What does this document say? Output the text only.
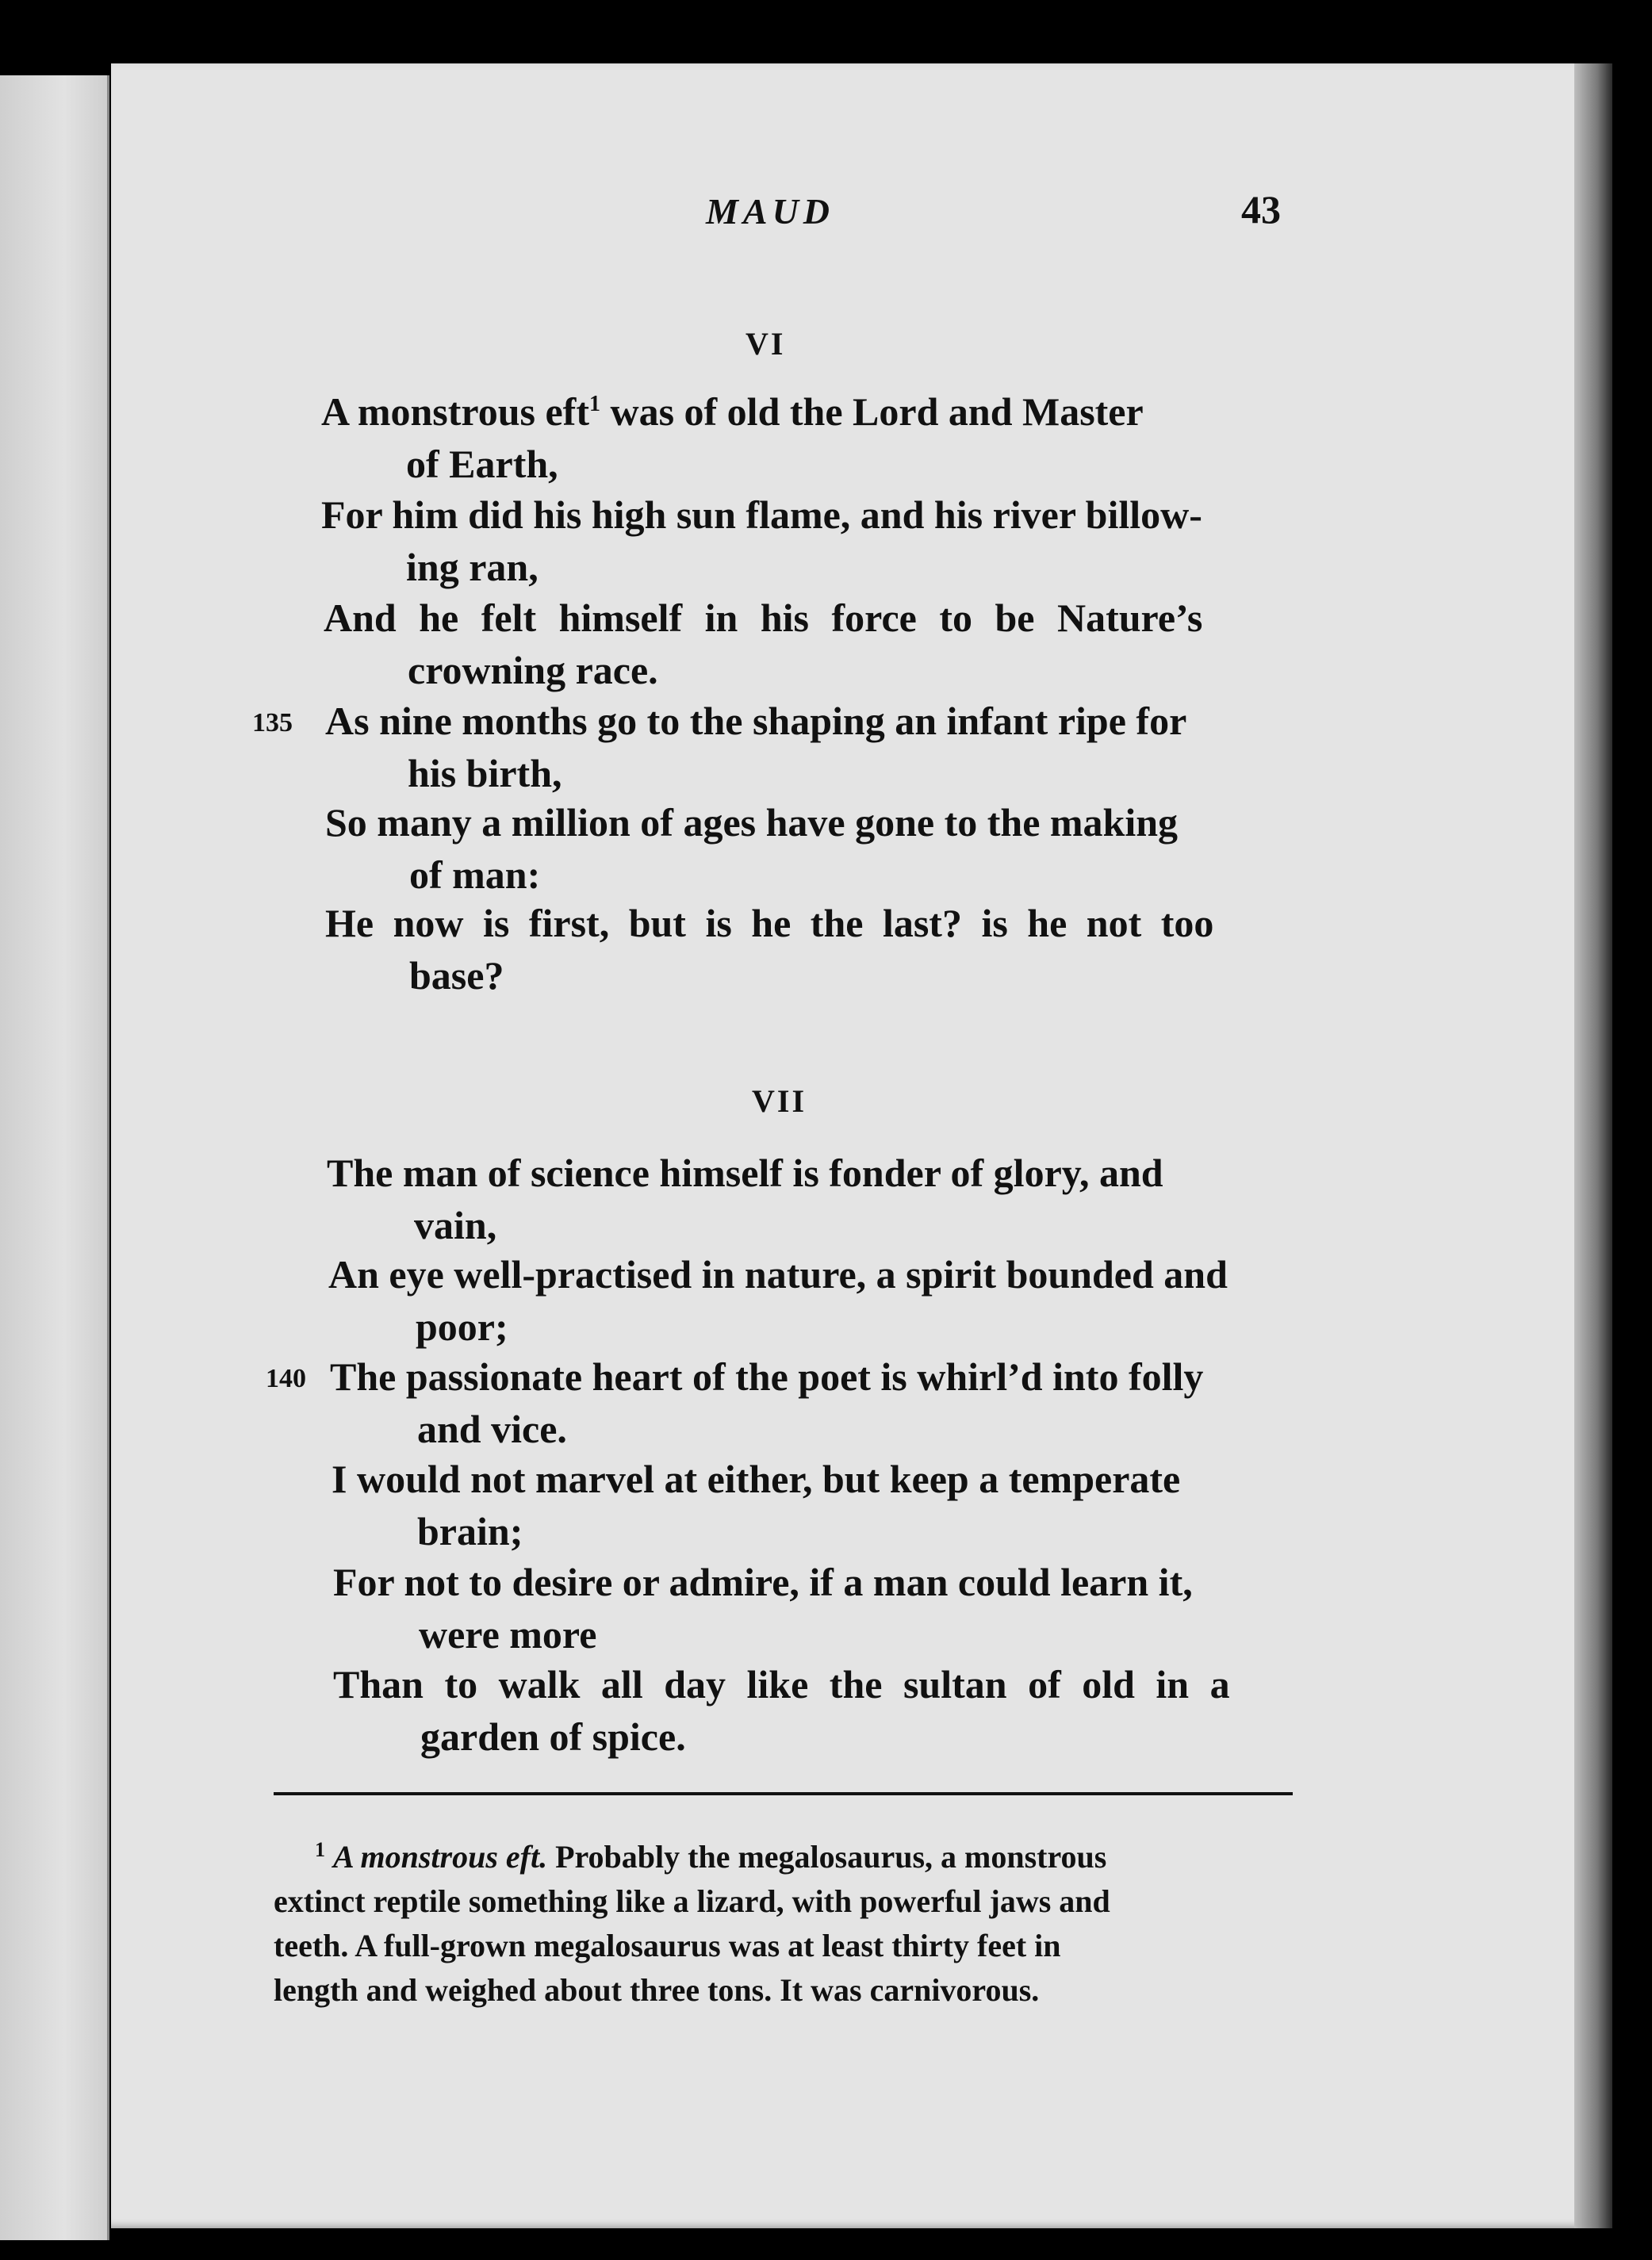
MAUD	43
VI
A monstrous eft$^1$ was of old the Lord and Master
of Earth,
For him did his high sun flame, and his river billow-
ing ran,
And he felt himself in his force to be Nature’s
crowning race.
135 As nine months go to the shaping an infant ripe for
his birth,
So many a million of ages have gone to the making
of man:
He now is first, but is he the last? is he not too
base?
VII
The man of science himself is fonder of glory, and
vain,
An eye well-practised in nature, a spirit bounded and
poor;
140 The passionate heart of the poet is whirl’d into folly
and vice.
I would not marvel at either, but keep a temperate
brain;
For not to desire or admire, if a man could learn it,
were more
Than to walk all day like the sultan of old in a
garden of spice.
$^1$ A monstrous eft. Probably the megalosaurus, a monstrous
extinct reptile something like a lizard, with powerful jaws and
teeth. A full-grown megalosaurus was at least thirty feet in
length and weighed about three tons. It was carnivorous.
